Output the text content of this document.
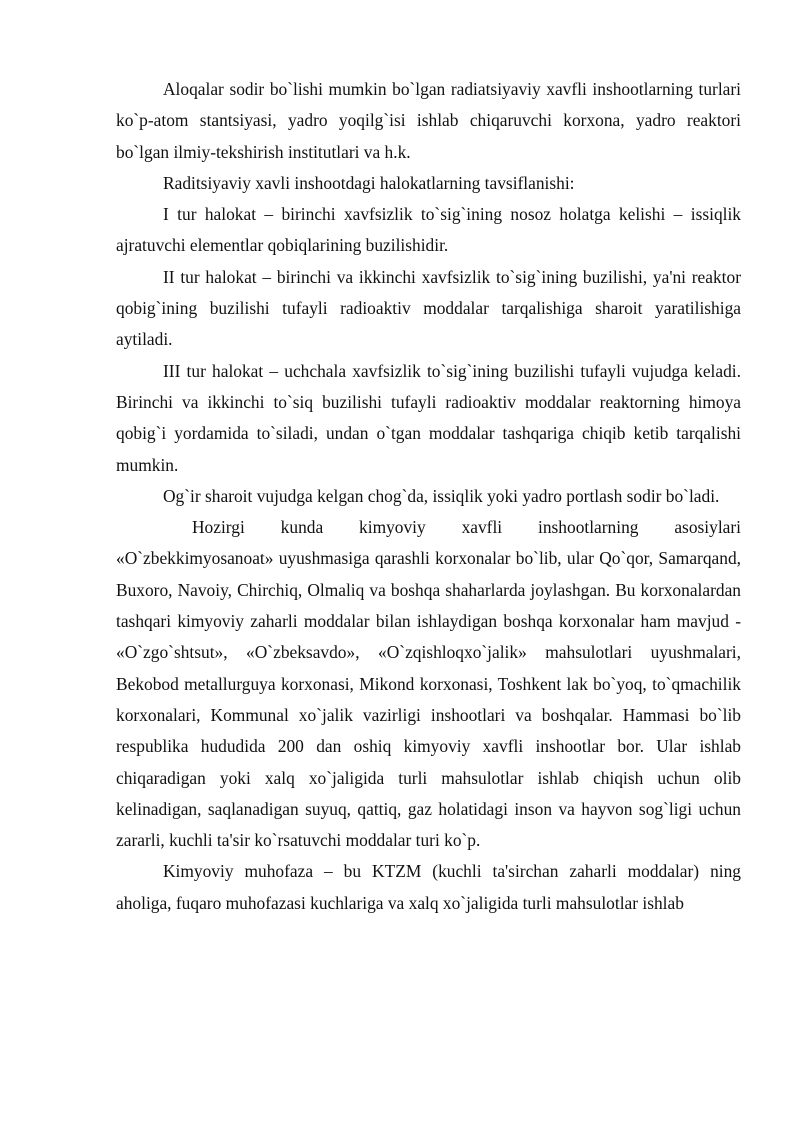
Aloqalar sodir bo`lishi mumkin bo`lgan radiatsiyaviy xavfli inshootlarning turlari ko`p-atom stantsiyasi, yadro yoqilg`isi ishlab chiqaruvchi korxona, yadro reaktori bo`lgan ilmiy-tekshirish institutlari va h.k.

Raditsiyaviy xavli inshootdagi halokatlarning tavsiflanishi:

I tur halokat – birinchi xavfsizlik to`sig`ining nosoz holatga kelishi – issiqlik ajratuvchi elementlar qobiqlarining buzilishidir.

II tur halokat – birinchi va ikkinchi xavfsizlik to`sig`ining buzilishi, ya'ni reaktor qobig`ining buzilishi tufayli radioaktiv moddalar tarqalishiga sharoit yaratilishiga aytiladi.

III tur halokat – uchchala xavfsizlik to`sig`ining buzilishi tufayli vujudga keladi. Birinchi va ikkinchi to`siq buzilishi tufayli radioaktiv moddalar reaktorning himoya qobig`i yordamida to`siladi, undan o`tgan moddalar tashqariga chiqib ketib tarqalishi mumkin.

Og`ir sharoit vujudga kelgan chog`da, issiqlik yoki yadro portlash sodir bo`ladi.

Hozirgi kunda kimyoviy xavfli inshootlarning asosiylari «O`zbekkimyosanoat» uyushmasiga qarashli korxonalar bo`lib, ular Qo`qor, Samarqand, Buxoro, Navoiy, Chirchiq, Olmaliq va boshqa shaharlarda joylashgan. Bu korxonalardan tashqari kimyoviy zaharli moddalar bilan ishlaydigan boshqa korxonalar ham mavjud - «O`zgo`shtsut», «O`zbeksavdo», «O`zqishloqxo`jalik» mahsulotlari uyushmalari, Bekobod metallurguya korxonasi, Mikond korxonasi, Toshkent lak bo`yoq, to`qmachilik korxonalari, Kommunal xo`jalik vazirligi inshootlari va boshqalar. Hammasi bo`lib respublika hududida 200 dan oshiq kimyoviy xavfli inshootlar bor. Ular ishlab chiqaradigan yoki xalq xo`jaligida turli mahsulotlar ishlab chiqish uchun olib kelinadigan, saqlanadigan suyuq, qattiq, gaz holatidagi inson va hayvon sog`ligi uchun zararli, kuchli ta'sir ko`rsatuvchi moddalar turi ko`p.

Kimyoviy muhofaza – bu KTZM (kuchli ta'sirchan zaharli moddalar) ning aholiga, fuqaro muhofazasi kuchlariga va xalq xo`jaligida turli mahsulotlar ishlab
